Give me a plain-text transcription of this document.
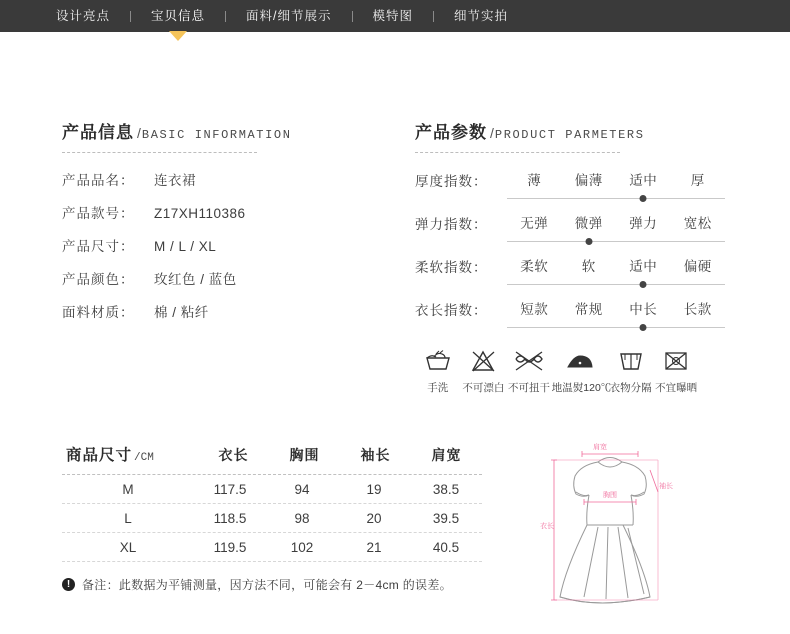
设计亮点	宝贝信息	面料/细节展示	模特图	细节实拍
产品信息 / BASIC INFORMATION
产品品名：	连衣裙
产品款号：	Z17XH110386
产品尺寸：	M / L / XL
产品颜色：	玫红色 / 蓝色
面料材质：	棉 / 粘纤
产品参数 / PRODUCT PARMETERS
厚度指数：	薄	偏薄	适中	厚
弹力指数：	无弹	微弹	弹力	宽松
柔软指数：	柔软	软	适中	偏硬
衣长指数：	短款	常规	中长	长款
手洗	不可漂白 不可扭干 地温熨120℃
衣物分隔 不宜曝晒
商品尺寸 /CM	衣长	胸围	袖长	肩宽
M	117.5	94	19	38.5
L	118.5	98	20	39.5
XL	119.5	102	21	40.5
! 备注：此数据为平铺测量，因方法不同，可能会有 2－4cm 的误差。
肩宽
胸围
衣长
袖长
